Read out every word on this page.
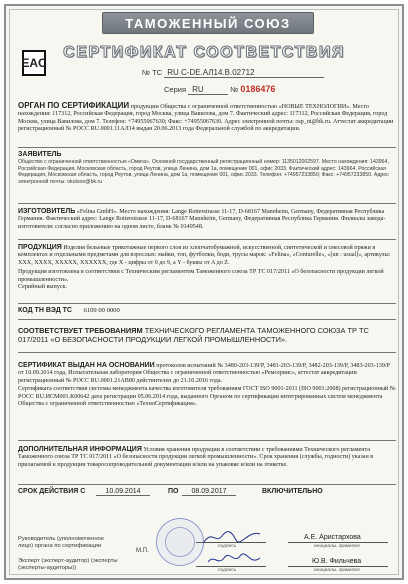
ТАМОЖЕННЫЙ СОЮЗ
СЕРТИФИКАТ СООТВЕТСТВИЯ
EAC
№ ТС RU C-DE.АЛ14.В.02712
Серия RU	№ 0186476
ОРГАН ПО СЕРТИФИКАЦИИ продукции Общества с ограниченной ответственностью «НОВЫЕ ТЕХНОЛОГИИ». Место нахождения: 117312, Российская Федерация, город Москва, улица Вавилова, дом 7. Фактический адрес: 117312, Российская Федерация, город Москва, улица Вавилова, дом 7. Телефон: +74955067630; Факс: +74955067630. Адрес электронной почты: osp_nt@bk.ru. Аттестат аккредитации регистрационный № РОСС RU.0001.11АЛ14 выдан 20.06.2013 года Федеральной службой по аккредитации.
ЗАЯВИТЕЛЬ
Общество с ограниченной ответственностью «Омега». Основной государственный регистрационный номер: 1135012002597. Место нахождения: 143964, Российская Федерация, Московская область, город Реутов, улица Ленина, дом 1а, помещение 001, офис 2033. Фактический адрес: 143964, Российская Федерация, Московская область, город Реутов, улица Ленина, дом 1а, помещение 001, офис 2033. Телефон: +74957233850; Факс: +74957233850. Адрес электронной почты: okutsoo@bk.ru
ИЗГОТОВИТЕЛЬ «Felina GmbH». Место нахождения: Lange Rotterstrasse 11-17, D-68167 Mannheim, Germany, Федеративная Республика Германия. Фактический адрес: Lange Rotterstrasse 11-17, D-68167 Mannheim, Germany, Федеративная Республика Германия. Филиалы завода-изготовителя: согласно приложению на одном листе, бланк № 0149548.
ПРОДУКЦИЯ Изделия бельевые трикотажные первого слоя из хлопчатобумажной, искусственной, синтетической и смесовой пряжи в комплектах и отдельными предметами для взрослых: майки, топ, футболки, боди, трусы марок: «Felina», «Conturelle», «[un : usual]», артикулы: XXX, XXXX, XXXXX, XXXXXX, где X - цифры от 0 до 9, а Y - буквы от A до Z.
Продукция изготовлена в соответствии с Техническим регламентом Таможенного союза ТР ТС 017/2011 «О безопасности продукции легкой промышленности».
Серийный выпуск.
КОД ТН ВЭД ТС 6109 00 0000
СООТВЕТСТВУЕТ ТРЕБОВАНИЯМ ТЕХНИЧЕСКОГО РЕГЛАМЕНТА ТАМОЖЕННОГО СОЮЗА ТР ТС 017/2011 «О БЕЗОПАСНОСТИ ПРОДУКЦИИ ЛЕГКОЙ ПРОМЫШЛЕННОСТИ».
СЕРТИФИКАТ ВЫДАН НА ОСНОВАНИИ протоколов испытаний № 3480-203-139/Р, 3481-203-139/Р, 3482-203-139/Р, 3483-203-139/Р от 10.09.2014 года, Испытательная лаборатория Общества с ограниченной ответственностью «Ремсервис», аттестат аккредитации регистрационный № РОСС RU.0001.21АВ80 действителен до 21.10.2016 года.
Сертификата соответствия системы менеджмента качества изготовителя требованиям ГОСТ ISO 9001-2011 (ISO 9001:2008) регистрационный № РОСС RU.ИСМ001.К00642 дата регистрации 05.06.2014 года, выданного Органом по сертификации интегрированных систем менеджмента Общества с ограниченной ответственностью «ТехноСертификация».
ДОПОЛНИТЕЛЬНАЯ ИНФОРМАЦИЯ Условия хранения продукции в соответствии с требованиями Технического регламента Таможенного союза ТР ТС 017/2011 «О безопасности продукции легкой промышленности». Срок хранения (службы, годности) указан в прилагаемой к продукции товаросопроводительной документации и/или на упаковке и/или на этикетке.
СРОК ДЕЙСТВИЯ С	10.09.2014	ПО	08.09.2017	ВКЛЮЧИТЕЛЬНО
Руководитель (уполномоченное лицо) органа по сертификации	подпись
А.Е. Аристархова
инициалы, фамилия
Эксперт (эксперт-аудитор) (эксперты (эксперты-аудиторы))	подпись
Ю.В. Фильчева
инициалы, фамилия
М.П.
